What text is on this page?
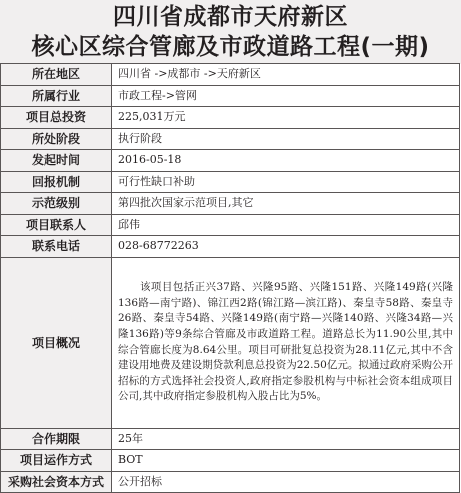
四川省成都市天府新区
核心区综合管廊及市政道路工程(一期)
所在地区	四川省 ->成都市 ->天府新区
所属行业	市政工程->管网
项目总投资	225,031万元
所处阶段	执行阶段
发起时间	2016-05-18
回报机制	可行性缺口补助
示范级别	第四批次国家示范项目,其它
项目联系人	邱伟
联系电话	028-68772263
项目概况	该项目包括正兴37路、兴隆95路、兴隆151路、兴隆149路(兴隆136路—南宁路)、锦江西2路(锦江路—滨江路)、秦皇寺58路、秦皇寺26路、秦皇寺54路、兴隆149路(南宁路—兴隆140路、兴隆34路—兴隆136路)等9条综合管廊及市政道路工程。道路总长为11.90公里,其中综合管廊长度为8.64公里。项目可研批复总投资为28.11亿元,其中不含建设用地费及建设期贷款利息总投资为22.50亿元。拟通过政府采购公开招标的方式选择社会投资人,政府指定参股机构与中标社会资本组成项目公司,其中政府指定参股机构入股占比为5%。
合作期限	25年
项目运作方式	BOT
采购社会资本方式	公开招标
